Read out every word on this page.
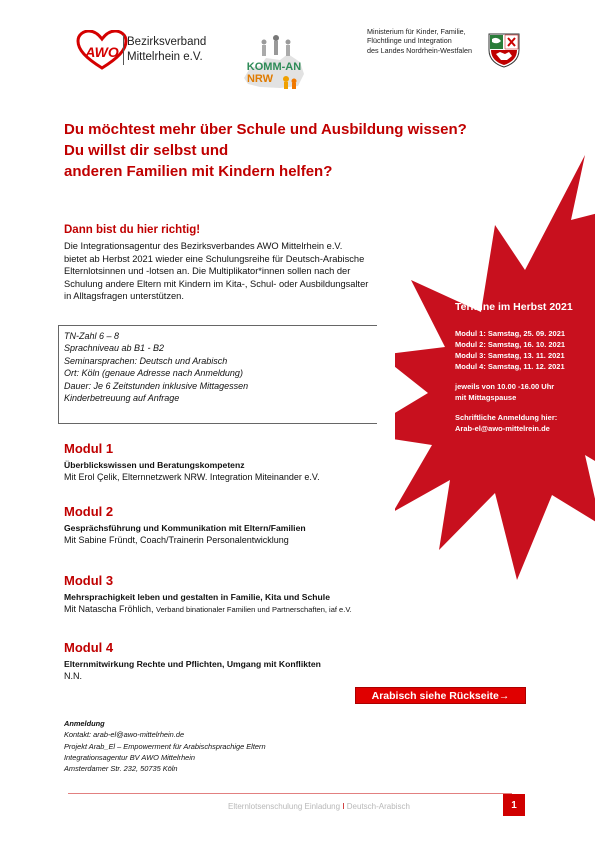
AWO
Bezirksverband
Mittelrhein e.V.
KOMM-AN
NRW
Ministerium für Kinder, Familie,
Flüchtlinge und Integration
des Landes Nordrhein-Westfalen
Du möchtest mehr über Schule und Ausbildung wissen?
Du willst dir selbst und
anderen Familien mit Kindern helfen?
Dann bist du hier richtig!
Die Integrationsagentur des Bezirksverbandes AWO Mittelrhein e.V.
bietet ab Herbst 2021 wieder eine Schulungsreihe für Deutsch-Arabische
Elternlotsinnen und -lotsen an. Die Multiplikator*innen sollen nach der
Schulung andere Eltern mit Kindern im Kita-, Schul- oder Ausbildungsalter
in Alltagsfragen unterstützen.
TN-Zahl 6 – 8
Sprachniveau ab B1 - B2
Seminarsprachen: Deutsch und Arabisch
Ort: Köln (genaue Adresse nach Anmeldung)
Dauer: Je 6 Zeitstunden inklusive Mittagessen
Kinderbetreuung auf Anfrage
Termine im Herbst 2021
Modul 1: Samstag, 25. 09. 2021
Modul 2: Samstag, 16. 10. 2021
Modul 3: Samstag, 13. 11. 2021
Modul 4: Samstag, 11. 12. 2021
jeweils von 10.00 -16.00 Uhr
mit Mittagspause
Schriftliche Anmeldung hier:
Arab-el@awo-mittelrein.de
Modul 1
Überblickswissen und Beratungskompetenz
Mit Erol Çelik, Elternnetzwerk NRW. Integration Miteinander e.V.
Modul 2
Gesprächsführung und Kommunikation mit Eltern/Familien
Mit Sabine Fründt, Coach/Trainerin Personalentwicklung
Modul 3
Mehrsprachigkeit leben und gestalten in Familie, Kita und Schule
Mit Natascha Fröhlich, Verband binationaler Familien und Partnerschaften, iaf e.V.
Modul 4
Elternmitwirkung Rechte und Pflichten, Umgang mit Konflikten
N.N.
Arabisch siehe Rückseite →
Anmeldung
Kontakt: arab-el@awo-mittelrhein.de
Projekt Arab_El – Empowerment für Arabischsprachige Eltern
Integrationsagentur BV AWO Mittelrhein
Amsterdamer Str. 232, 50735 Köln
Elternlotsenschulung Einladung I Deutsch-Arabisch	1
